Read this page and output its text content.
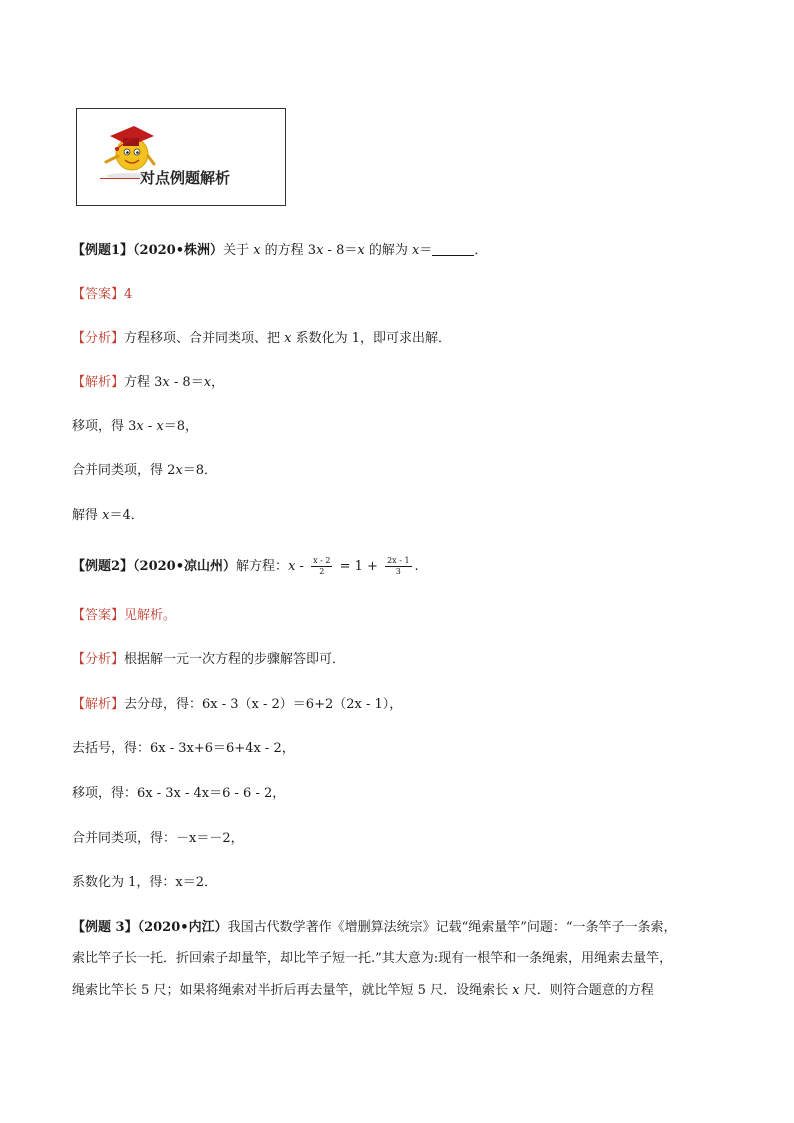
对点例题解析
【例题1】（2020•株洲）关于 x 的方程 3x - 8＝x 的解为 x＝	．
【答案】4
【分析】方程移项、合并同类项、把 x 系数化为 1，即可求出解．
【解析】方程 3x - 8＝x，
移项，得 3x - x＝8，
合并同类项，得 2x＝8．
解得 x＝4．
【例题2】（2020•凉山州）解方程：$x - \frac{x - 2}{2} = 1 + \frac{2x - 1}{3}$ .
【答案】见解析。
【分析】根据解一元一次方程的步骤解答即可．
【解析】去分母，得：6x - 3（x - 2）＝6+2（2x - 1），
去括号，得：6x - 3x+6＝6+4x - 2，
移项，得：6x - 3x - 4x＝6 - 6 - 2，
合并同类项，得：－x＝－2，
系数化为 1，得：x＝2．
【例题 3】（2020•内江）我国古代数学著作《增删算法统宗》记载“绳索量竿”问题：“一条竿子一条索，
索比竿子长一托．折回索子却量竿，却比竿子短一托.”其大意为:现有一根竿和一条绳索，用绳索去量竿，
绳索比竿长 5 尺；如果将绳索对半折后再去量竿，就比竿短 5 尺．设绳索长 x 尺．则符合题意的方程
